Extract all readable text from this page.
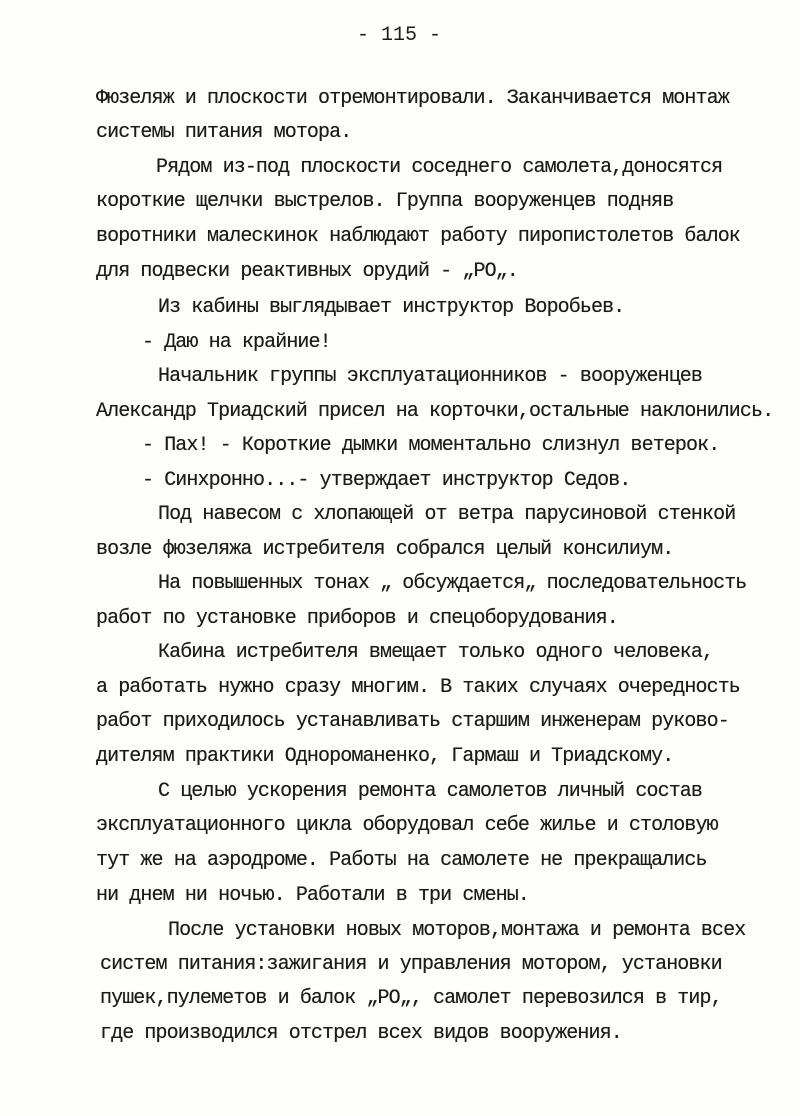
- 115 -
Фюзеляж и плоскости отремонтировали. Заканчивается монтаж
системы питания мотора.
Рядом из-под плоскости соседнего самолета,доносятся
короткие щелчки выстрелов. Группа вооруженцев подняв
воротники малескинок наблюдают работу пиропистолетов балок
для подвески реактивных орудий - „РО„.
Из кабины выглядывает инструктор Воробьев.
- Даю на крайние!
Начальник группы эксплуатационников - вооруженцев
Александр Триадский присел на корточки,остальные наклонились.
- Пах! - Короткие дымки моментально слизнул ветерок.
- Синхронно...- утверждает инструктор Седов.
Под навесом с хлопающей от ветра парусиновой стенкой
возле фюзеляжа истребителя собрался целый консилиум.
На повышенных тонах „ обсуждается„ последовательность
работ по установке приборов и спецоборудования.
Кабина истребителя вмещает только одного человека,
а работать нужно сразу многим. В таких случаях очередность
работ приходилось устанавливать старшим инженерам руково-
дителям практики Однороманенко, Гармаш и Триадскому.
С целью ускорения ремонта самолетов личный состав
эксплуатационного цикла оборудовал себе жилье и столовую
тут же на аэродроме. Работы на самолете не прекращались
ни днем ни ночью. Работали в три смены.
После установки новых моторов,монтажа и ремонта всех
систем питания:зажигания и управления мотором, установки
пушек,пулеметов и балок „РО„, самолет перевозился в тир,
где производился отстрел всех видов вооружения.
